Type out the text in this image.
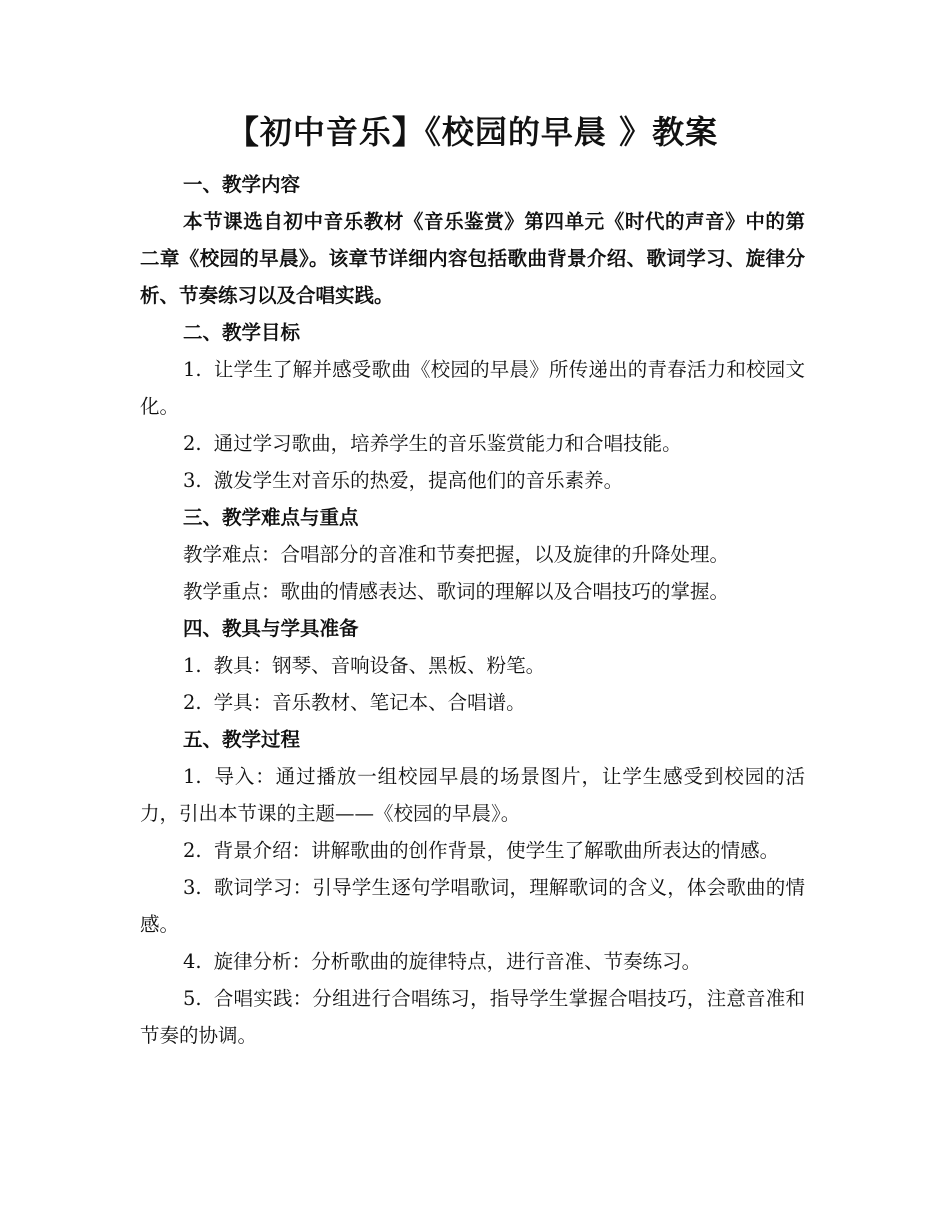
【初中音乐】《校园的早晨 》教案

一、教学内容

本节课选自初中音乐教材《音乐鉴赏》第四单元《时代的声音》中的第二章《校园的早晨》。该章节详细内容包括歌曲背景介绍、歌词学习、旋律分析、节奏练习以及合唱实践。

二、教学目标

1. 让学生了解并感受歌曲《校园的早晨》所传递出的青春活力和校园文化。

2. 通过学习歌曲，培养学生的音乐鉴赏能力和合唱技能。

3. 激发学生对音乐的热爱，提高他们的音乐素养。

三、教学难点与重点

教学难点：合唱部分的音准和节奏把握，以及旋律的升降处理。

教学重点：歌曲的情感表达、歌词的理解以及合唱技巧的掌握。

四、教具与学具准备

1. 教具：钢琴、音响设备、黑板、粉笔。

2. 学具：音乐教材、笔记本、合唱谱。

五、教学过程

1. 导入：通过播放一组校园早晨的场景图片，让学生感受到校园的活力，引出本节课的主题——《校园的早晨》。

2. 背景介绍：讲解歌曲的创作背景，使学生了解歌曲所表达的情感。

3. 歌词学习：引导学生逐句学唱歌词，理解歌词的含义，体会歌曲的情感。

4. 旋律分析：分析歌曲的旋律特点，进行音准、节奏练习。

5. 合唱实践：分组进行合唱练习，指导学生掌握合唱技巧，注意音准和节奏的协调。
